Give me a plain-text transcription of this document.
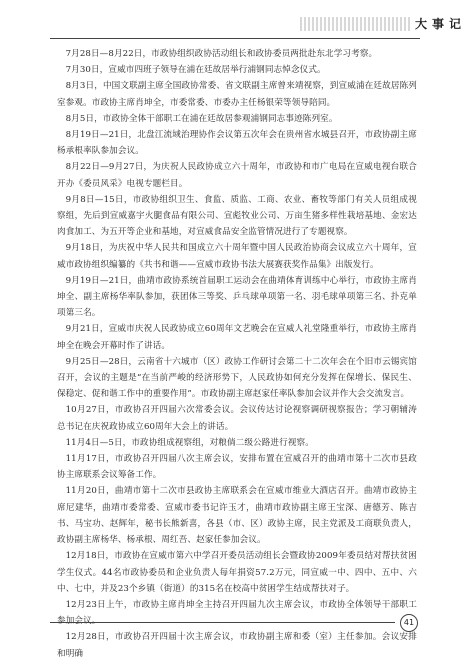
大事记

7月28日—8月22日，市政协组织政协活动组长和政协委员两批赴东北学习考察。

7月30日，宣威市四班子领导在浦在廷故居举行浦钢同志悼念仪式。

8月3日，中国文联副主席全国政协常委、省文联副主席曾来靖视察，到宣威浦在廷故居陈列室参观。市政协主席肖坤全，市委常委、市委办主任杨银荣等领导陪同。

8月5日，市政协全体干部职工在浦在廷故居参观浦钢同志事迹陈列室。

8月19日—21日，北盘江流域治理协作会议第五次年会在贵州省水城县召开，市政协副主席杨承根率队参加会议。

8月22日—9月27日，为庆祝人民政协成立六十周年，市政协和市广电局在宣威电视台联合开办《委员风采》电视专题栏目。

9月8日—15日，市政协组织卫生、食监、质监、工商、农业、畜牧等部门有关人员组成视察组，先后到宣威嘉宇火腿食品有限公司、宣彪牧业公司、万亩生猪多样性栽培基地、金宏达肉食加工、为五开等企业和基地，对宣威食品安全监管情况进行了专题视察。

9月18日，为庆祝中华人民共和国成立六十周年暨中国人民政治协商会议成立六十周年，宣威市政协组织编纂的《共书和谐——宣威市政协书法大展赛获奖作品集》出版发行。

9月19日—21日，曲靖市政协系统首届职工运动会在曲靖体育训练中心举行，市政协主席肖坤全、副主席杨华率队参加，获团体三等奖、乒乓球单项第一名、羽毛球单项第三名、扑克单项第三名。

9月21日，宣威市庆祝人民政协成立60周年文艺晚会在宣威人礼堂隆重举行，市政协主席肖坤全在晚会开幕时作了讲话。

9月25日—28日，云南省十六城市（区）政协工作研讨会第二十二次年会在个旧市云锡宾馆召开，会议的主题是“在当前严峻的经济形势下，人民政协如何充分发挥在保增长、保民生、保稳定、促和谐工作中的重要作用”。市政协副主席赵家任率队参加会议并作大会交流发言。

10月27日，市政协召开四届六次常委会议。会议传达讨论视察调研视察报告；学习朝辅涛总书记在庆祝政协成立60周年大会上的讲话。

11月4日—5日，市政协组成视察组，对粮倘二级公路进行视察。

11月17日，市政协召开四届八次主席会议，安排布置在宣威召开的曲靖市第十二次市县政协主席联系会议筹备工作。

11月20日，曲靖市第十二次市县政协主席联系会在宣威市维业大酒店召开。曲靖市政协主席尼建华，曲靖市委常委、宣威市委书记许玉才，曲靖市政协副主席王宝深、唐德芳、陈吉书、马宝功、赵辉年，秘书长熊新喜，各县（市、区）政协主席，民主党派及工商联负责人，政协副主席杨华、杨承根、周红吾、赵家任参加会议。

12月18日，市政协在宣威市第六中学召开委员活动组长会暨政协2009年委员结对帮扶贫困学生仪式。44名市政协委员和企业负责人每年捐资57.2万元，同宣威一中、四中、五中、六中、七中，并及23个乡镇（街道）的315名在校高中贫困学生结成帮扶对子。

12月23日上午，市政协主席肖坤全主持召开四届九次主席会议，市政协全体领导干部职工参加会议。

12月28日，市政协召开四届十次主席会议，市政协副主席和委（室）主任参加。会议安排和明确

41
